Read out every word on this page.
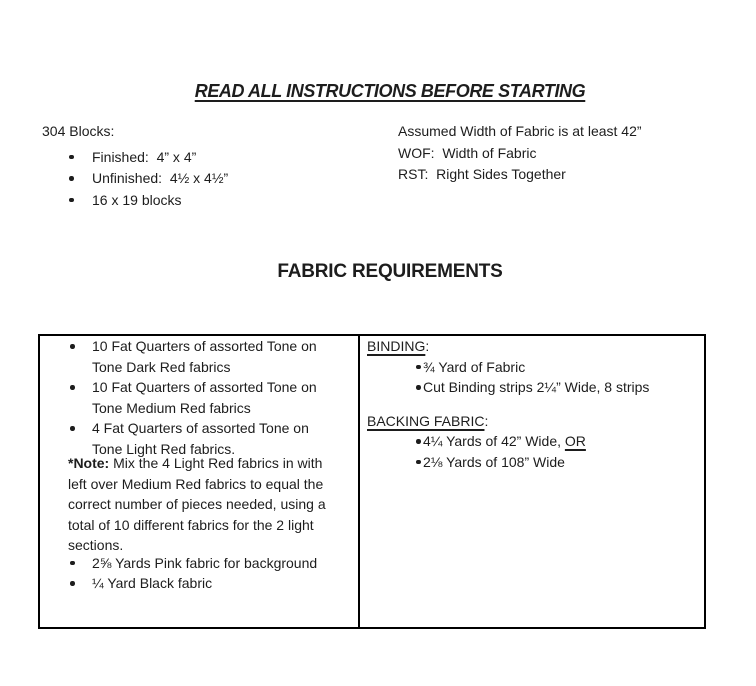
READ ALL INSTRUCTIONS BEFORE STARTING
304 Blocks:
Finished:  4” x 4”
Unfinished:  4½ x 4½”
16 x 19 blocks
Assumed Width of Fabric is at least 42”
WOF:  Width of Fabric
RST:  Right Sides Together
FABRIC REQUIREMENTS
10 Fat Quarters of assorted Tone on Tone Dark Red fabrics
10 Fat Quarters of assorted Tone on Tone Medium Red fabrics
4 Fat Quarters of assorted Tone on Tone Light Red fabrics.

*Note: Mix the 4 Light Red fabrics in with left over Medium Red fabrics to equal the correct number of pieces needed, using a total of 10 different fabrics for the 2 light sections.

2⅝ Yards Pink fabric for background
¼ Yard Black fabric
BINDING:
¾ Yard of Fabric
Cut Binding strips 2¼” Wide, 8 strips
BACKING FABRIC:
4¼ Yards of 42” Wide, OR
2⅛ Yards of 108” Wide
